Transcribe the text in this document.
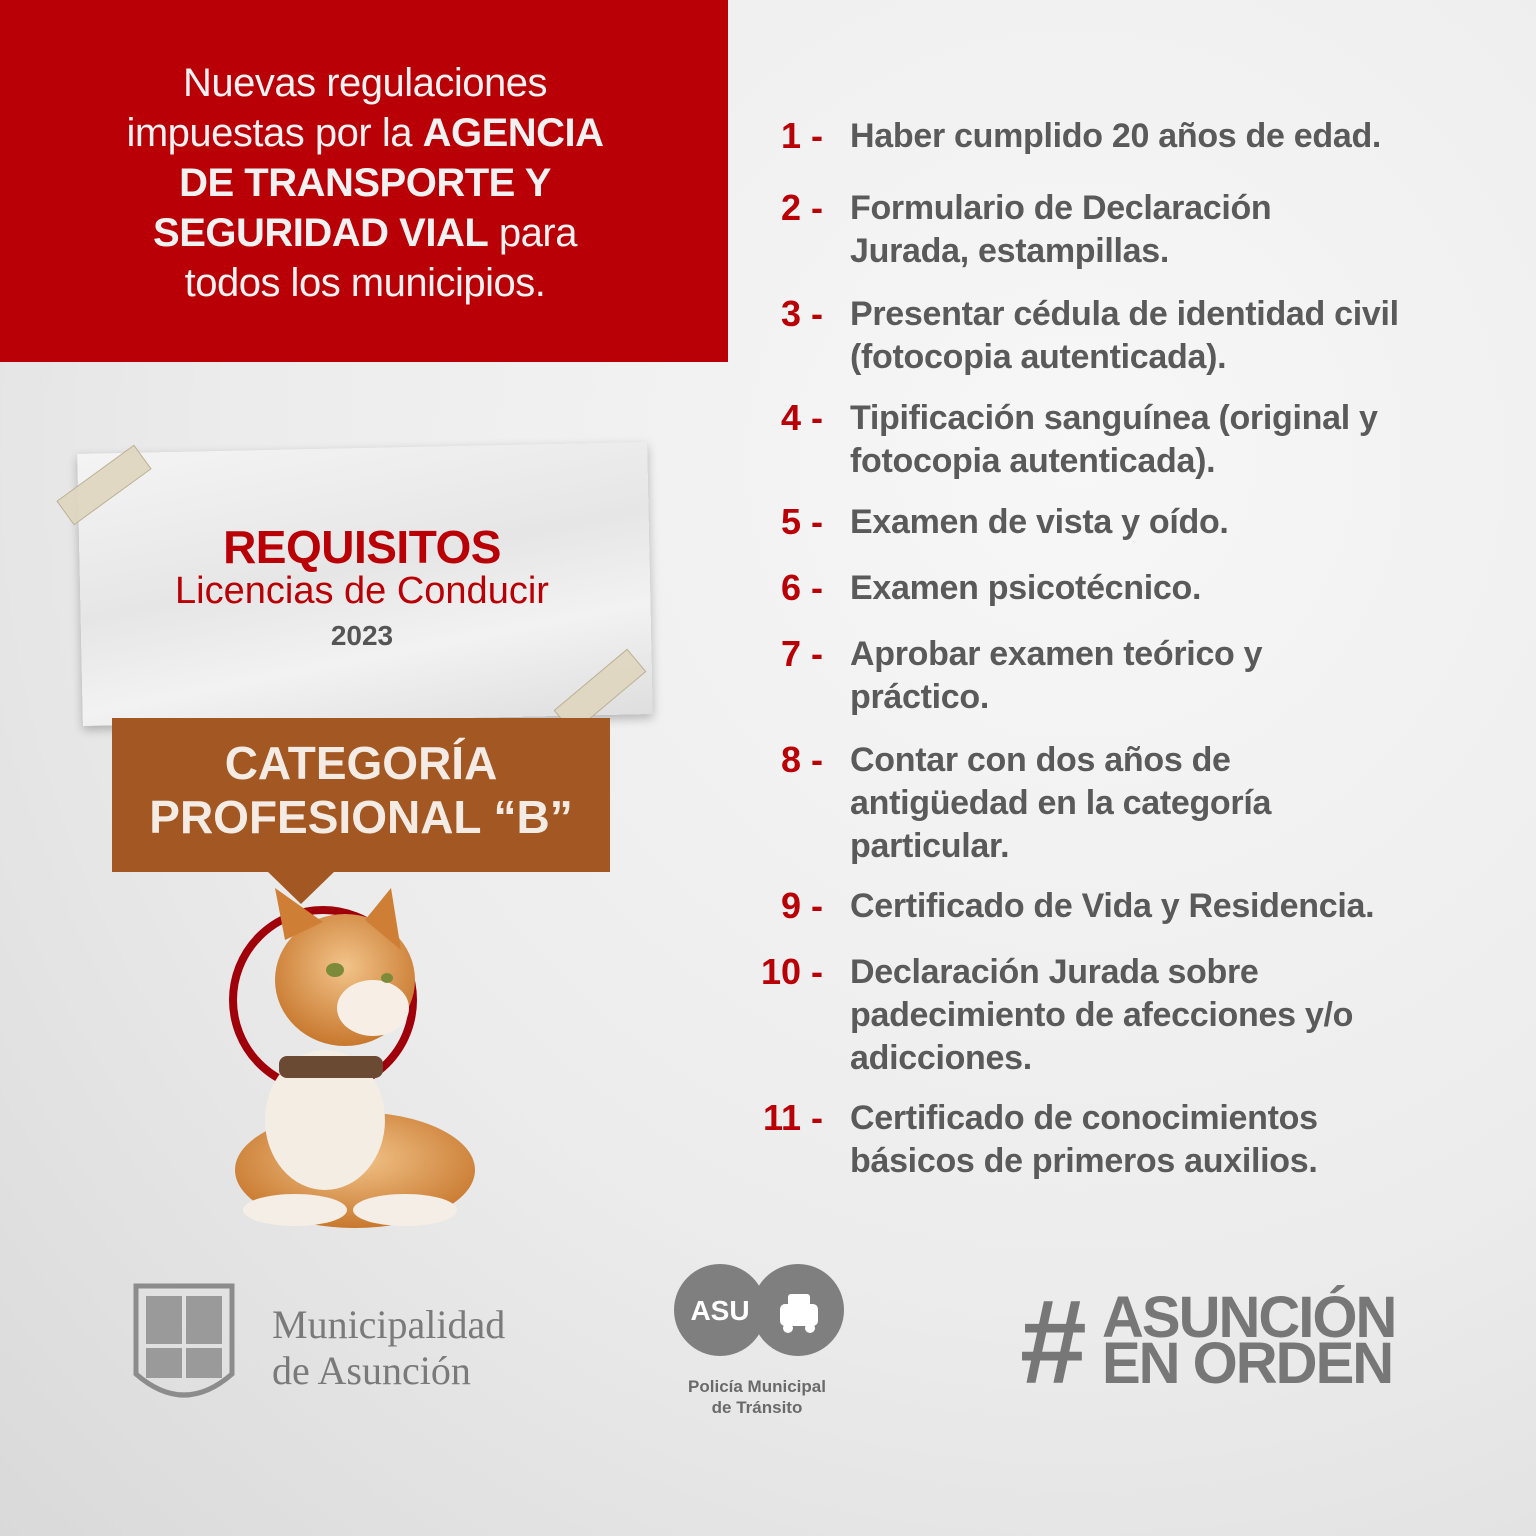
Nuevas regulaciones
impuestas por la AGENCIA
DE TRANSPORTE Y
SEGURIDAD VIAL para
todos los municipios.
REQUISITOS
Licencias de Conducir
2023
CATEGORÍA
PROFESIONAL “B”
1 - Haber cumplido 20 años de edad.
2 - Formulario de Declaración Jurada, estampillas.
3 - Presentar cédula de identidad civil (fotocopia autenticada).
4 - Tipificación sanguínea (original y fotocopia autenticada).
5 - Examen de vista y oído.
6 - Examen psicotécnico.
7 - Aprobar examen teórico y práctico.
8 - Contar con dos años de antigüedad en la categoría particular.
9 - Certificado de Vida y Residencia.
10 - Declaración Jurada sobre padecimiento de afecciones y/o adicciones.
11 - Certificado de conocimientos básicos de primeros auxilios.
Municipalidad
de Asunción
ASU
Policía Municipal
de Tránsito	# ASUNCIÓN
EN ORDEN
